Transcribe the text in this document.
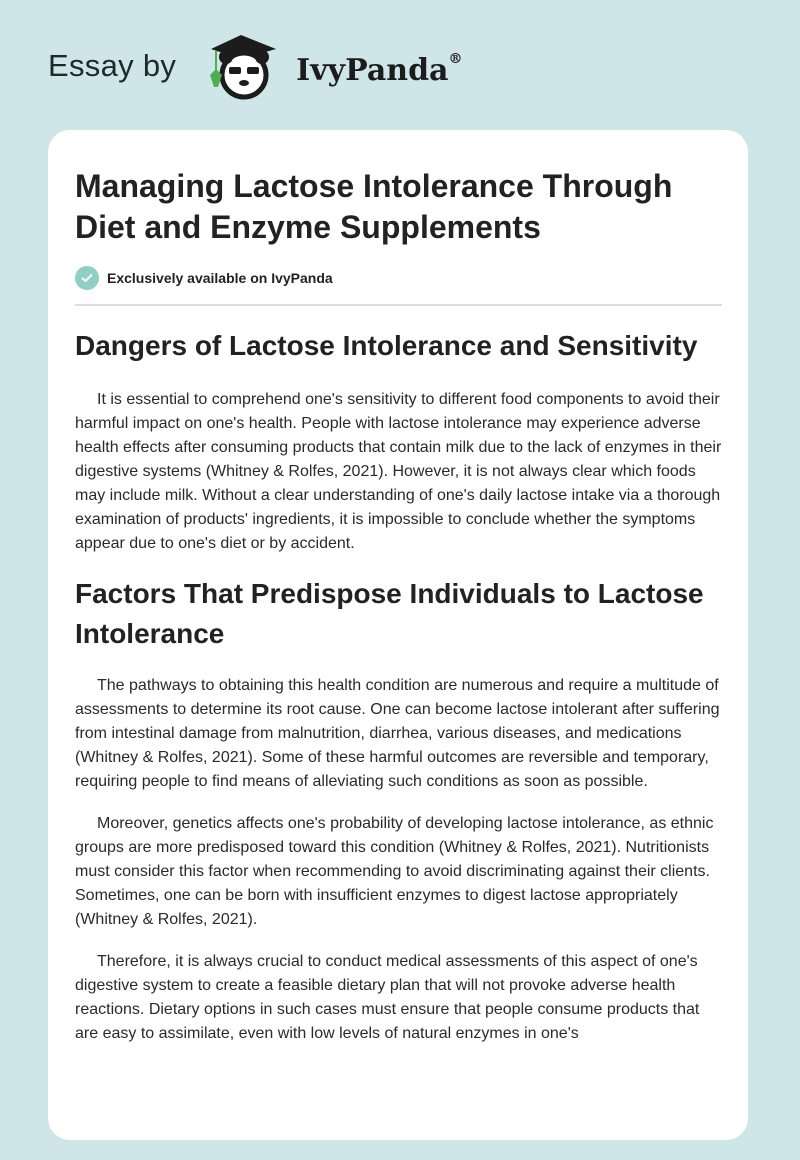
Essay by	IvyPanda®
Managing Lactose Intolerance Through Diet and Enzyme Supplements
Exclusively available on IvyPanda
Dangers of Lactose Intolerance and Sensitivity

It is essential to comprehend one's sensitivity to different food components to avoid their harmful impact on one's health. People with lactose intolerance may experience adverse health effects after consuming products that contain milk due to the lack of enzymes in their digestive systems (Whitney & Rolfes, 2021). However, it is not always clear which foods may include milk. Without a clear understanding of one's daily lactose intake via a thorough examination of products' ingredients, it is impossible to conclude whether the symptoms appear due to one's diet or by accident.

Factors That Predispose Individuals to Lactose Intolerance

The pathways to obtaining this health condition are numerous and require a multitude of assessments to determine its root cause. One can become lactose intolerant after suffering from intestinal damage from malnutrition, diarrhea, various diseases, and medications (Whitney & Rolfes, 2021). Some of these harmful outcomes are reversible and temporary, requiring people to find means of alleviating such conditions as soon as possible.

Moreover, genetics affects one's probability of developing lactose intolerance, as ethnic groups are more predisposed toward this condition (Whitney & Rolfes, 2021). Nutritionists must consider this factor when recommending to avoid discriminating against their clients. Sometimes, one can be born with insufficient enzymes to digest lactose appropriately (Whitney & Rolfes, 2021).

Therefore, it is always crucial to conduct medical assessments of this aspect of one's digestive system to create a feasible dietary plan that will not provoke adverse health reactions. Dietary options in such cases must ensure that people consume products that are easy to assimilate, even with low levels of natural enzymes in one's
